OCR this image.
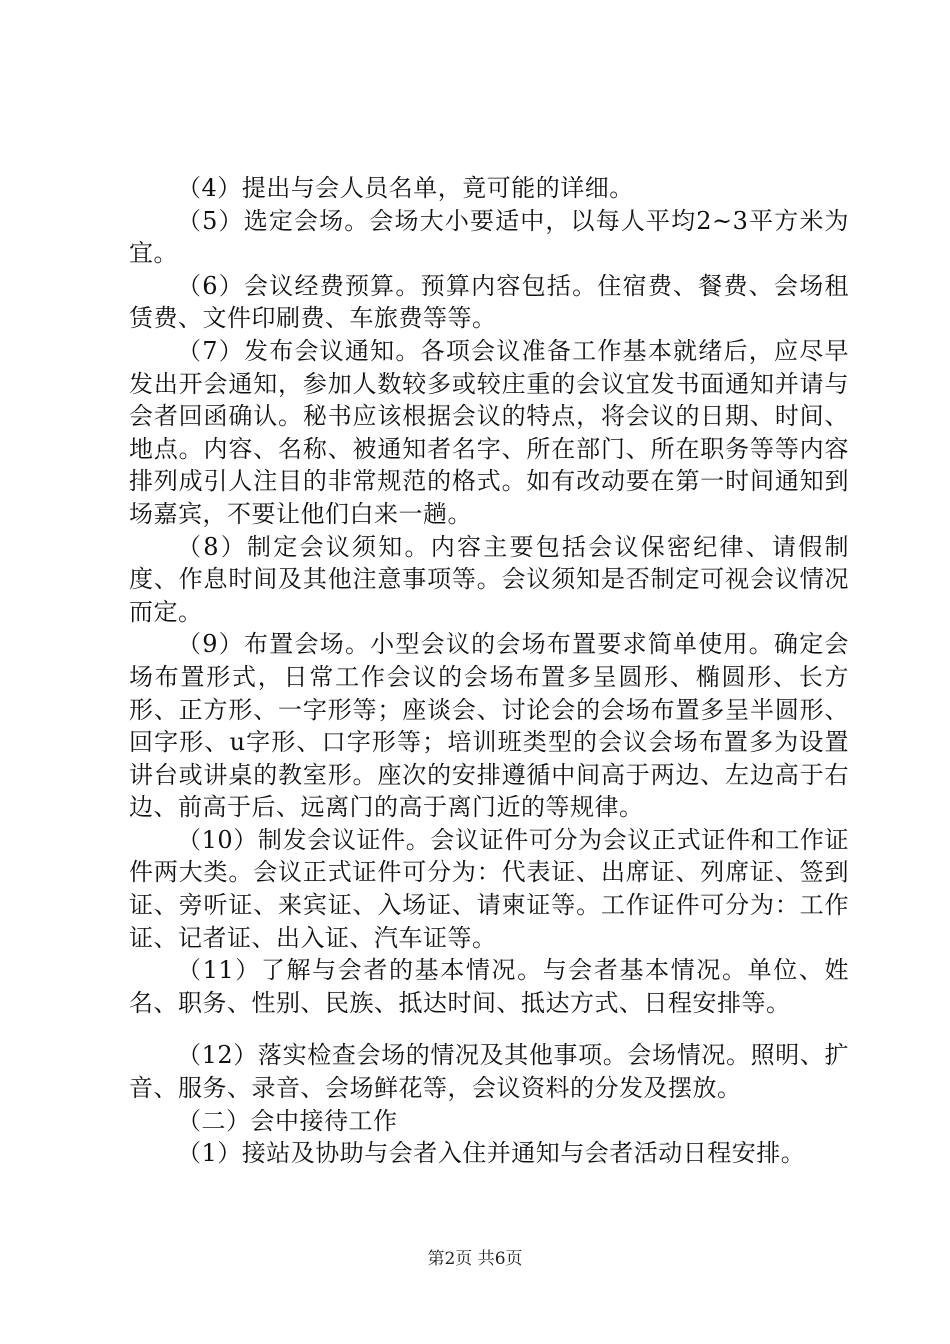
（4）提出与会人员名单，竟可能的详细。

（5）选定会场。会场大小要适中，以每人平均2~3平方米为宜。

（6）会议经费预算。预算内容包括。住宿费、餐费、会场租赁费、文件印刷费、车旅费等等。

（7）发布会议通知。各项会议准备工作基本就绪后，应尽早发出开会通知，参加人数较多或较庄重的会议宜发书面通知并请与会者回函确认。秘书应该根据会议的特点，将会议的日期、时间、地点。内容、名称、被通知者名字、所在部门、所在职务等等内容排列成引人注目的非常规范的格式。如有改动要在第一时间通知到场嘉宾，不要让他们白来一趟。

（8）制定会议须知。内容主要包括会议保密纪律、请假制度、作息时间及其他注意事项等。会议须知是否制定可视会议情况而定。

（9）布置会场。小型会议的会场布置要求简单使用。确定会场布置形式，日常工作会议的会场布置多呈圆形、椭圆形、长方形、正方形、一字形等；座谈会、讨论会的会场布置多呈半圆形、回字形、u字形、口字形等；培训班类型的会议会场布置多为设置讲台或讲桌的教室形。座次的安排遵循中间高于两边、左边高于右边、前高于后、远离门的高于离门近的等规律。

（10）制发会议证件。会议证件可分为会议正式证件和工作证件两大类。会议正式证件可分为：代表证、出席证、列席证、签到证、旁听证、来宾证、入场证、请柬证等。工作证件可分为：工作证、记者证、出入证、汽车证等。

（11）了解与会者的基本情况。与会者基本情况。单位、姓名、职务、性别、民族、抵达时间、抵达方式、日程安排等。

（12）落实检查会场的情况及其他事项。会场情况。照明、扩音、服务、录音、会场鲜花等，会议资料的分发及摆放。

（二）会中接待工作

（1）接站及协助与会者入住并通知与会者活动日程安排。

第2页 共6页
